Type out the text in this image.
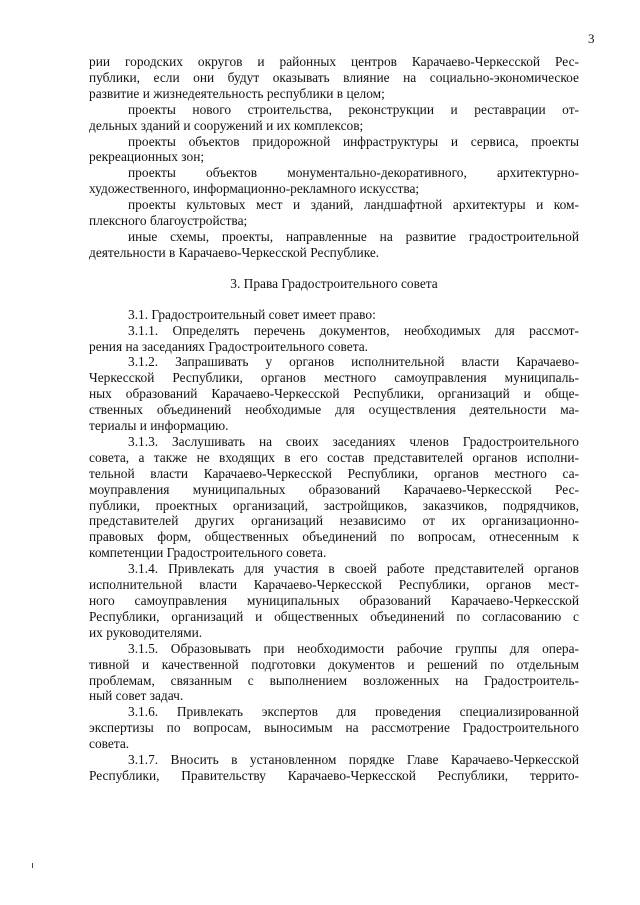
3
рии городских округов и районных центров Карачаево-Черкесской Рес-
публики, если они будут оказывать влияние на социально-экономическое
развитие и жизнедеятельность республики в целом;
проекты нового строительства, реконструкции и реставрации от-
дельных зданий и сооружений и их комплексов;
проекты объектов придорожной инфраструктуры и сервиса, проекты
рекреационных зон;
проекты объектов монументально-декоративного, архитектурно-
художественного, информационно-рекламного искусства;
проекты культовых мест и зданий, ландшафтной архитектуры и ком-
плексного благоустройства;
иные схемы, проекты, направленные на развитие градостроительной
деятельности в Карачаево-Черкесской Республике.
3. Права Градостроительного совета
3.1. Градостроительный совет имеет право:
3.1.1. Определять перечень документов, необходимых для рассмот-
рения на заседаниях Градостроительного совета.
3.1.2. Запрашивать у органов исполнительной власти Карачаево-
Черкесской Республики, органов местного самоуправления муниципаль-
ных образований Карачаево-Черкесской Республики, организаций и обще-
ственных объединений необходимые для осуществления деятельности ма-
териалы и информацию.
3.1.3. Заслушивать на своих заседаниях членов Градостроительного
совета, а также не входящих в его состав представителей органов исполни-
тельной власти Карачаево-Черкесской Республики, органов местного са-
моуправления муниципальных образований Карачаево-Черкесской Рес-
публики, проектных организаций, застройщиков, заказчиков, подрядчиков,
представителей других организаций независимо от их организационно-
правовых форм, общественных объединений по вопросам, отнесенным к
компетенции Градостроительного совета.
3.1.4. Привлекать для участия в своей работе представителей органов
исполнительной власти Карачаево-Черкесской Республики, органов мест-
ного самоуправления муниципальных образований Карачаево-Черкесской
Республики, организаций и общественных объединений по согласованию с
их руководителями.
3.1.5. Образовывать при необходимости рабочие группы для опера-
тивной и качественной подготовки документов и решений по отдельным
проблемам, связанным с выполнением возложенных на Градостроитель-
ный совет задач.
3.1.6. Привлекать экспертов для проведения специализированной
экспертизы по вопросам, выносимым на рассмотрение Градостроительного
совета.
3.1.7. Вносить в установленном порядке Главе Карачаево-Черкесской
Республики, Правительству Карачаево-Черкесской Республики, террито-
